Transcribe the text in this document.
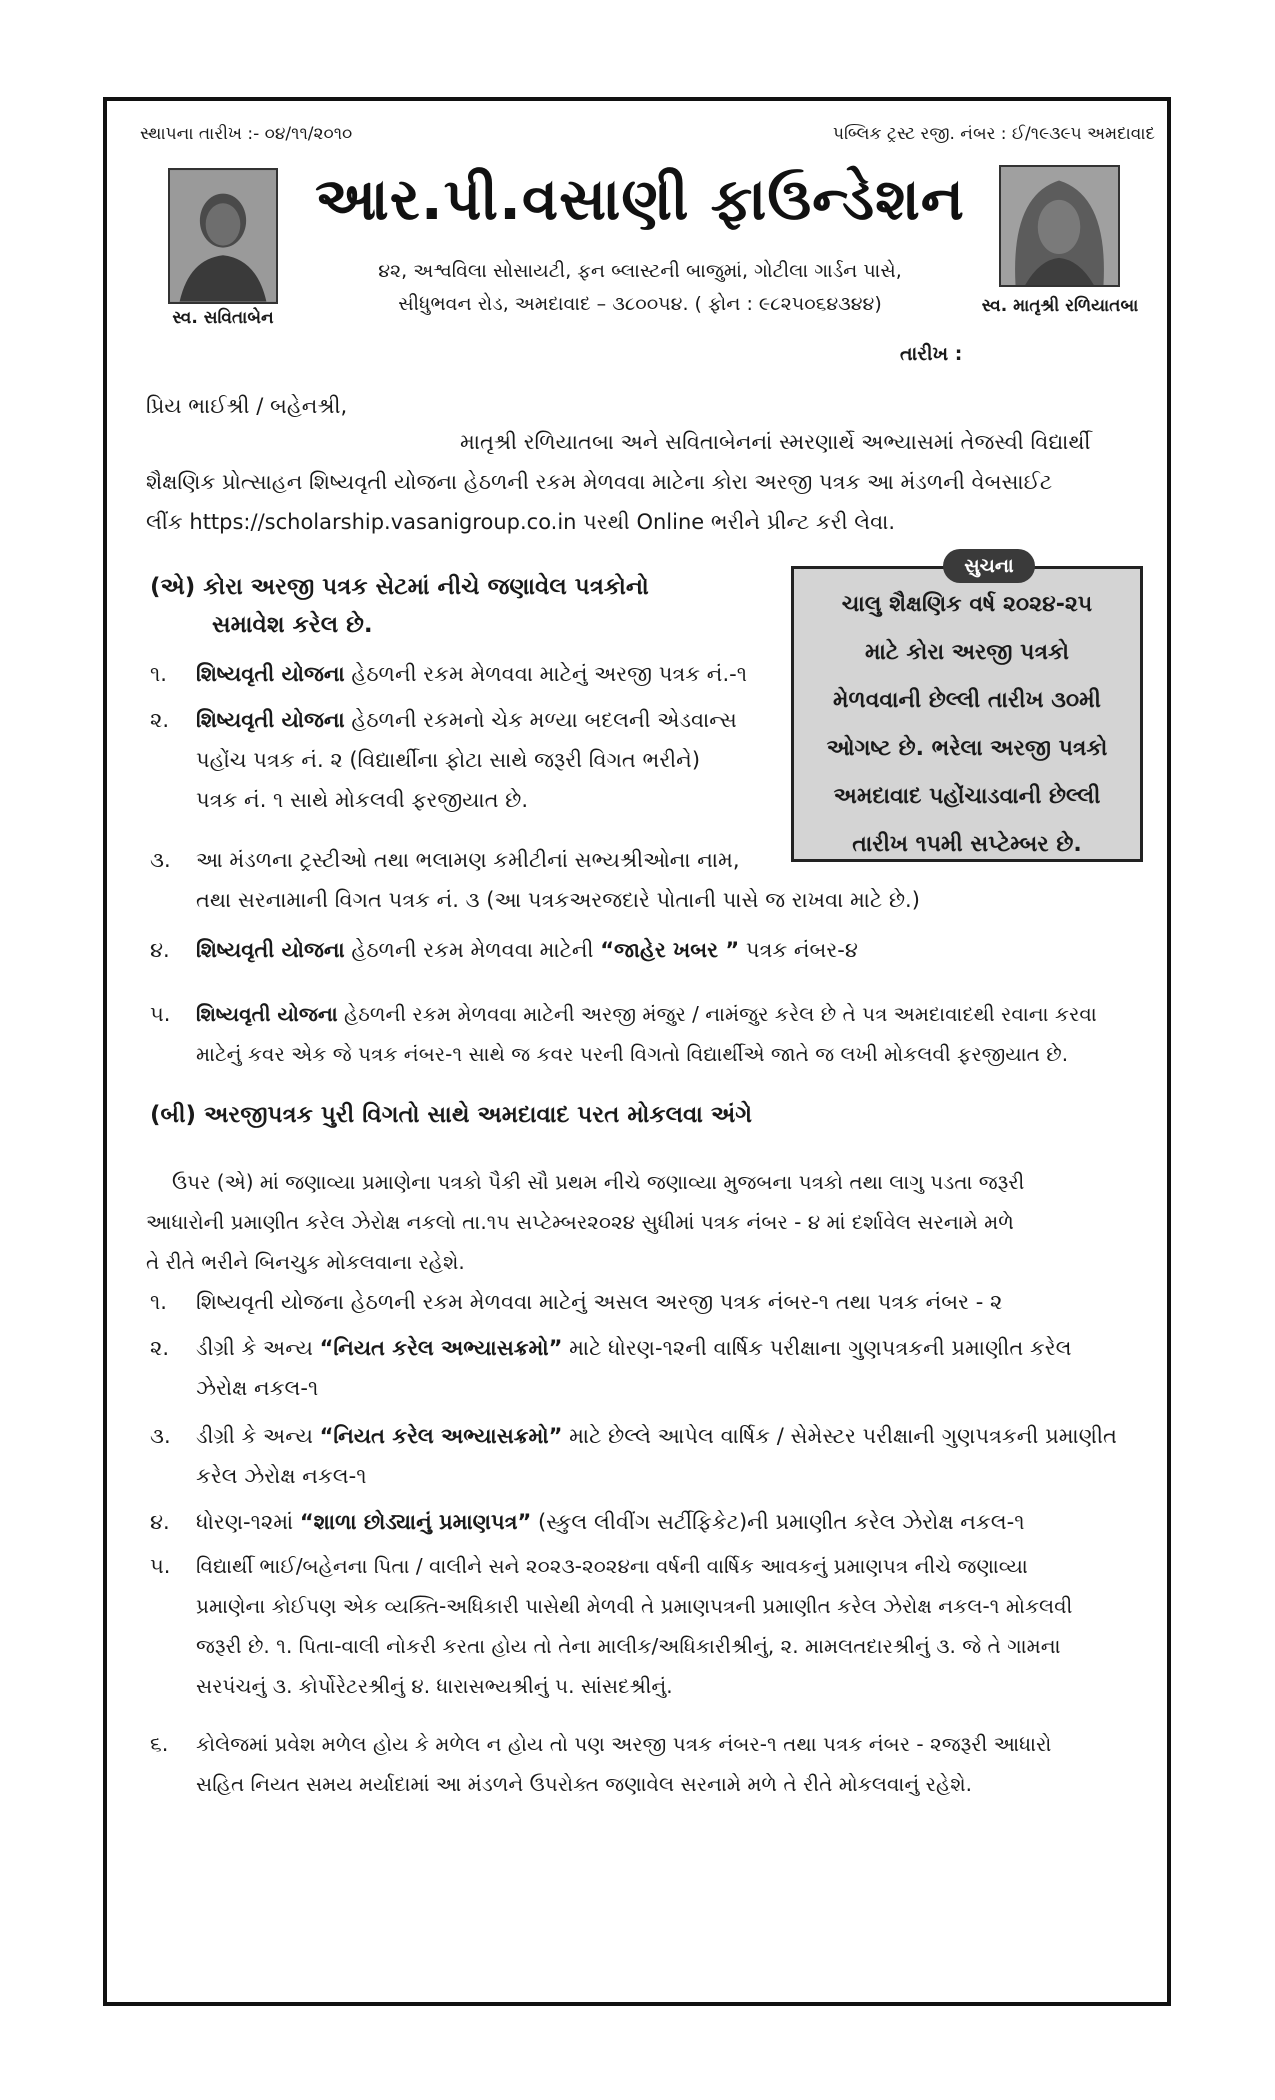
સ્થાપના તારીખ :- ૦૪/૧૧/૨૦૧૦	પબ્લિક ટ્રસ્ટ રજી. નંબર : ઈ/૧૯૩૯૫ અમદાવાદ
સ્વ. સવિતાબેન
સ્વ. માતૃશ્રી રળિયાતબા
આર.પી.વસાણી ફાઉન્ડેશન
૪૨, અશ્વવિલા સોસાયટી, ફન બ્લાસ્ટની બાજુમાં, ગોટીલા ગાર્ડન પાસે,
સીધુભવન રોડ, અમદાવાદ – ૩૮૦૦૫૪. ( ફોન : ૯૮૨૫૦૬૪૩૪૪)
તારીખ :
પ્રિય ભાઈશ્રી / બહેનશ્રી,
માતૃશ્રી રળિયાતબા અને સવિતાબેનનાં સ્મરણાર્થે અભ્યાસમાં તેજસ્વી વિદ્યાર્થી
શૈક્ષણિક પ્રોત્સાહન શિષ્યવૃતી યોજના હેઠળની રકમ મેળવવા માટેના કોરા અરજી પત્રક આ મંડળની વેબસાઈટ
લીંક https://scholarship.vasanigroup.co.in પરથી Online ભરીને પ્રીન્ટ કરી લેવા.
ચાલુ શૈક્ષણિક વર્ષ ૨૦૨૪-૨૫
માટે કોરા અરજી પત્રકો
મેળવવાની છેલ્લી તારીખ ૩૦મી
ઓગષ્ટ છે. ભરેલા અરજી પત્રકો
અમદાવાદ પહોંચાડવાની છેલ્લી
તારીખ ૧૫મી સપ્ટેમ્બર છે.
સુચના
(એ) કોરા અરજી પત્રક સેટમાં નીચે જણાવેલ પત્રકોનો
સમાવેશ કરેલ છે.
૧. શિષ્યવૃતી યોજના હેઠળની રકમ મેળવવા માટેનું અરજી પત્રક નં.-૧
૨. શિષ્યવૃતી યોજના હેઠળની રકમનો ચેક મળ્યા બદલની એડવાન્સ
પહોંચ પત્રક નં. ૨ (વિદ્યાર્થીના ફોટા સાથે જરૂરી વિગત ભરીને)
પત્રક નં. ૧ સાથે મોકલવી ફરજીયાત છે.
૩. આ મંડળના ટ્રસ્ટીઓ તથા ભલામણ કમીટીનાં સભ્યશ્રીઓના નામ,
તથા સરનામાની વિગત પત્રક નં. ૩ (આ પત્રકઅરજદારે પોતાની પાસે જ રાખવા માટે છે.)
૪. શિષ્યવૃતી યોજના હેઠળની રકમ મેળવવા માટેની “જાહેર ખબર ” પત્રક નંબર-૪
૫. શિષ્યવૃતી યોજના હેઠળની રકમ મેળવવા માટેની અરજી મંજુર / નામંજુર કરેલ છે તે પત્ર અમદાવાદથી રવાના કરવા
માટેનું કવર એક જે પત્રક નંબર-૧ સાથે જ કવર પરની વિગતો વિદ્યાર્થીએ જાતે જ લખી મોકલવી ફરજીયાત છે.
(બી) અરજીપત્રક પુરી વિગતો સાથે અમદાવાદ પરત મોકલવા અંગે
ઉપર (એ) માં જણાવ્યા પ્રમાણેના પત્રકો પૈકી સૌ પ્રથમ નીચે જણાવ્યા મુજબના પત્રકો તથા લાગુ પડતા જરૂરી
આધારોની પ્રમાણીત કરેલ ઝેરોક્ષ નકલો તા.૧૫ સપ્ટેમ્બર૨૦૨૪ સુધીમાં પત્રક નંબર - ૪ માં દર્શાવેલ સરનામે મળે
તે રીતે ભરીને બિનચુક મોકલવાના રહેશે.
૧. શિષ્યવૃતી યોજના હેઠળની રકમ મેળવવા માટેનું અસલ અરજી પત્રક નંબર-૧ તથા પત્રક નંબર - ૨
૨. ડીગ્રી કે અન્ય “નિયત કરેલ અભ્યાસક્રમો” માટે ધોરણ-૧૨ની વાર્ષિક પરીક્ષાના ગુણપત્રકની પ્રમાણીત કરેલ
ઝેરોક્ષ નકલ-૧
૩. ડીગ્રી કે અન્ય “નિયત કરેલ અભ્યાસક્રમો” માટે છેલ્લે આપેલ વાર્ષિક / સેમેસ્ટર પરીક્ષાની ગુણપત્રકની પ્રમાણીત
કરેલ ઝેરોક્ષ નકલ-૧
૪. ધોરણ-૧૨માં “શાળા છોડ્યાનું પ્રમાણપત્ર” (સ્કુલ લીવીંગ સર્ટીફિકેટ)ની પ્રમાણીત કરેલ ઝેરોક્ષ નકલ-૧
૫. વિદ્યાર્થી ભાઈ/બહેનના પિતા / વાલીને સને ૨૦૨૩-૨૦૨૪ના વર્ષની વાર્ષિક આવકનું પ્રમાણપત્ર નીચે જણાવ્યા
પ્રમાણેના કોઈપણ એક વ્યક્તિ-અધિકારી પાસેથી મેળવી તે પ્રમાણપત્રની પ્રમાણીત કરેલ ઝેરોક્ષ નકલ-૧ મોકલવી
જરૂરી છે. ૧. પિતા-વાલી નોકરી કરતા હોય તો તેના માલીક/અધિકારીશ્રીનું, ૨. મામલતદારશ્રીનું ૩. જે તે ગામના
સરપંચનું ૩. કોર્પોરેટરશ્રીનું ૪. ધારાસભ્યશ્રીનું ૫. સાંસદશ્રીનું.
૬. કોલેજમાં પ્રવેશ મળેલ હોય કે મળેલ ન હોય તો પણ અરજી પત્રક નંબર-૧ તથા પત્રક નંબર - ૨જરૂરી આધારો
સહિત નિયત સમય મર્યાદામાં આ મંડળને ઉપરોક્ત જણાવેલ સરનામે મળે તે રીતે મોકલવાનું રહેશે.
